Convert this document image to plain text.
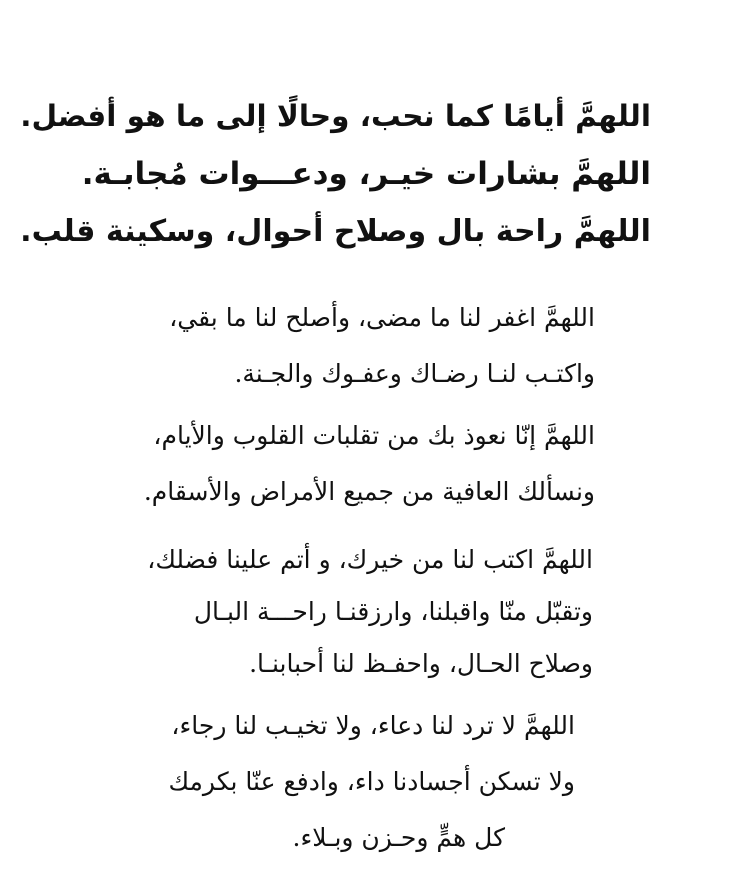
اللهمَّ أيامًا كما نحب، وحالًا إلى ما هو أفضل.
اللهمَّ بشارات خيـر، ودعـــوات مُجابـة.
اللهمَّ راحة بال وصلاح أحوال، وسكينة قلب.
اللهمَّ اغفر لنا ما مضى، وأصلح لنا ما بقي،
واكتـب لنـا رضـاك وعفـوك والجـنة.
اللهمَّ إنّا نعوذ بك من تقلبات القلوب والأيام،
ونسألك العافية من جميع الأمراض والأسقام.
اللهمَّ اكتب لنا من خيرك، و أتم علينا فضلك،
وتقبّل منّا واقبلنا، وارزقنـا راحـــة البـال
وصلاح الحـال، واحفـظ لنا أحبابنـا.
اللهمَّ لا ترد لنا دعاء، ولا تخيـب لنا رجاء،
ولا تسكن أجسادنا داء، وادفع عنّا بكرمك
كل همٍّ وحـزن وبـلاء.
